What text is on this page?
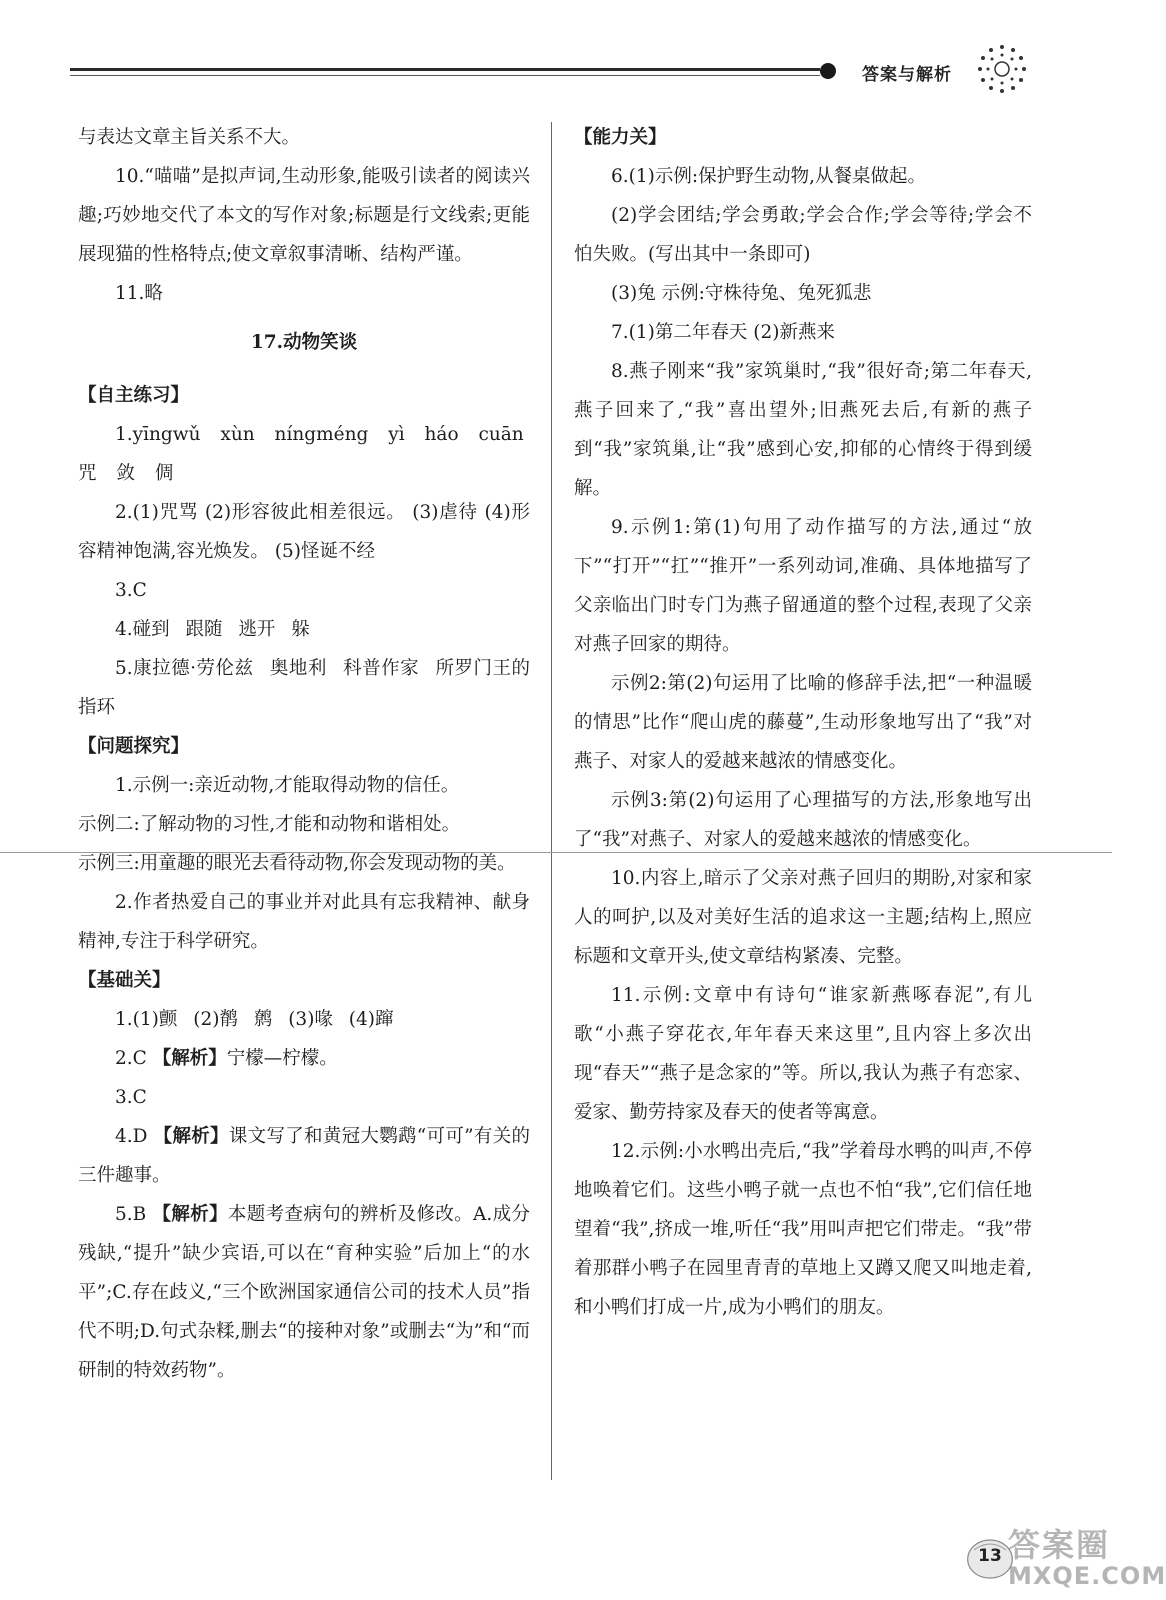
答案与解析

与表达文章主旨关系不大。

10.“喵喵”是拟声词,生动形象,能吸引读者的阅读兴趣;巧妙地交代了本文的写作对象;标题是行文线索;更能展现猫的性格特点;使文章叙事清晰、结构严谨。

11.略

17.动物笑谈

【自主练习】

1.yīngwǔ xùn níngméng yì háo cuān

咒 敛 倜

2.(1)咒骂 (2)形容彼此相差很远。 (3)虐待 (4)形容精神饱满,容光焕发。 (5)怪诞不经

3.C

4.碰到 跟随 逃开 躲

5.康拉德·劳伦兹 奥地利 科普作家 所罗门王的指环

【问题探究】

1.示例一:亲近动物,才能取得动物的信任。

示例二:了解动物的习性,才能和动物和谐相处。

示例三:用童趣的眼光去看待动物,你会发现动物的美。

2.作者热爱自己的事业并对此具有忘我精神、献身精神,专注于科学研究。

【基础关】

1.(1)颤 (2)鹡 鹩 (3)喙 (4)蹿

2.C 【解析】宁檬—柠檬。

3.C

4.D 【解析】课文写了和黄冠大鹦鹉“可可”有关的三件趣事。

5.B 【解析】本题考查病句的辨析及修改。A.成分残缺,“提升”缺少宾语,可以在“育种实验”后加上“的水平”;C.存在歧义,“三个欧洲国家通信公司的技术人员”指代不明;D.句式杂糅,删去“的接种对象”或删去“为”和“而研制的特效药物”。

【能力关】

6.(1)示例:保护野生动物,从餐桌做起。

(2)学会团结;学会勇敢;学会合作;学会等待;学会不怕失败。(写出其中一条即可)

(3)兔 示例:守株待兔、兔死狐悲

7.(1)第二年春天 (2)新燕来

8.燕子刚来“我”家筑巢时,“我”很好奇;第二年春天,燕子回来了,“我”喜出望外;旧燕死去后,有新的燕子到“我”家筑巢,让“我”感到心安,抑郁的心情终于得到缓解。

9.示例1:第(1)句用了动作描写的方法,通过“放下”“打开”“扛”“推开”一系列动词,准确、具体地描写了父亲临出门时专门为燕子留通道的整个过程,表现了父亲对燕子回家的期待。

示例2:第(2)句运用了比喻的修辞手法,把“一种温暖的情思”比作“爬山虎的藤蔓”,生动形象地写出了“我”对燕子、对家人的爱越来越浓的情感变化。

示例3:第(2)句运用了心理描写的方法,形象地写出了“我”对燕子、对家人的爱越来越浓的情感变化。

10.内容上,暗示了父亲对燕子回归的期盼,对家和家人的呵护,以及对美好生活的追求这一主题;结构上,照应标题和文章开头,使文章结构紧凑、完整。

11.示例:文章中有诗句“谁家新燕啄春泥”,有儿歌“小燕子穿花衣,年年春天来这里”,且内容上多次出现“春天”“燕子是念家的”等。所以,我认为燕子有恋家、爱家、勤劳持家及春天的使者等寓意。

12.示例:小水鸭出壳后,“我”学着母水鸭的叫声,不停地唤着它们。这些小鸭子就一点也不怕“我”,它们信任地望着“我”,挤成一堆,听任“我”用叫声把它们带走。“我”带着那群小鸭子在园里青青的草地上又蹲又爬又叫地走着,和小鸭们打成一片,成为小鸭们的朋友。

13 答案圈
MXQE.COM
